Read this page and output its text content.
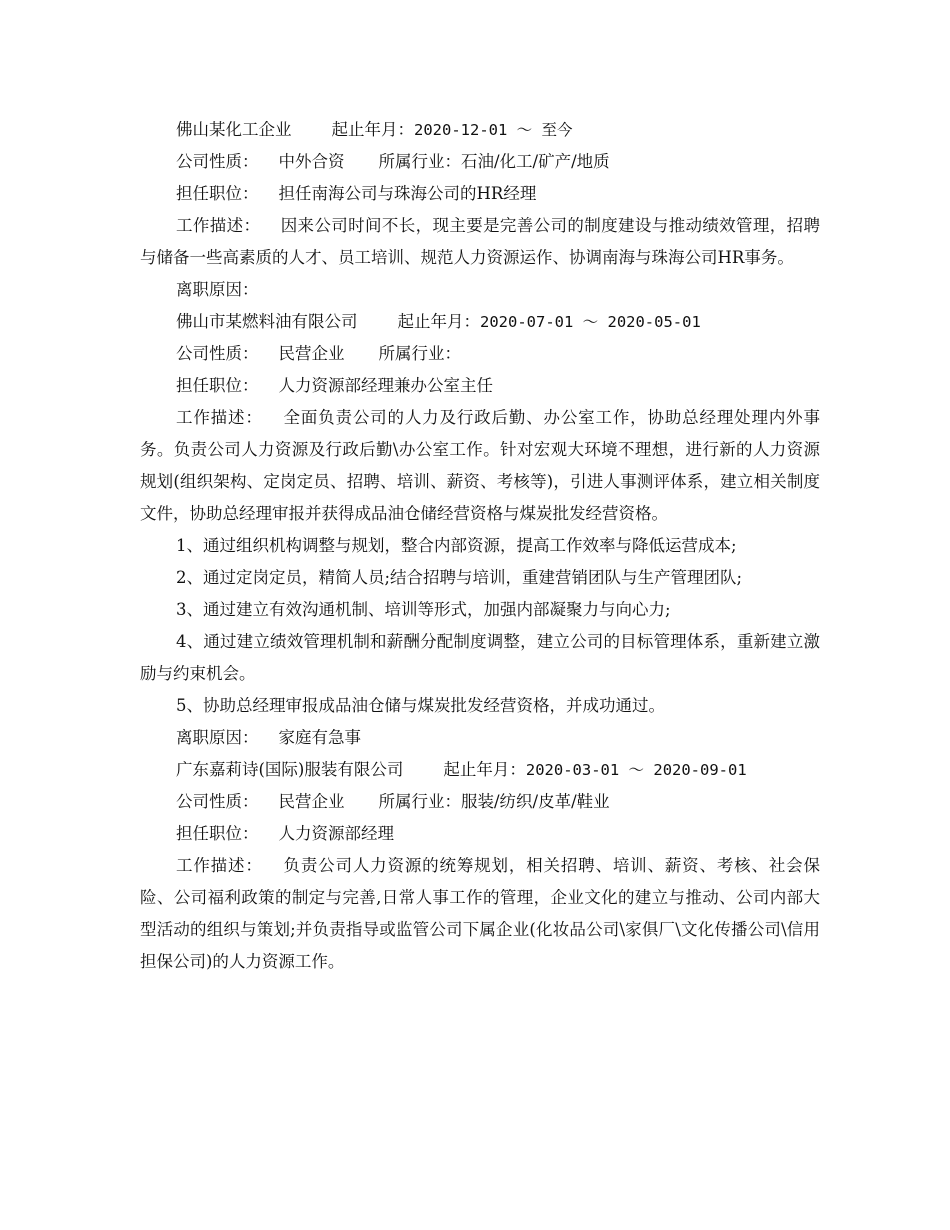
佛山某化工企业 起止年月：2020-12-01 ～ 至今
公司性质： 中外合资 所属行业：石油/化工/矿产/地质
担任职位： 担任南海公司与珠海公司的HR经理
工作描述： 因来公司时间不长，现主要是完善公司的制度建设与推动绩效管理，招聘与储备一些高素质的人才、员工培训、规范人力资源运作、协调南海与珠海公司HR事务。
离职原因：
佛山市某燃料油有限公司 起止年月：2020-07-01 ～ 2020-05-01
公司性质： 民营企业 所属行业：
担任职位： 人力资源部经理兼办公室主任
工作描述： 全面负责公司的人力及行政后勤、办公室工作，协助总经理处理内外事务。负责公司人力资源及行政后勤\办公室工作。针对宏观大环境不理想，进行新的人力资源规划(组织架构、定岗定员、招聘、培训、薪资、考核等)，引进人事测评体系，建立相关制度文件，协助总经理审报并获得成品油仓储经营资格与煤炭批发经营资格。
1、通过组织机构调整与规划，整合内部资源，提高工作效率与降低运营成本;
2、通过定岗定员，精简人员;结合招聘与培训，重建营销团队与生产管理团队;
3、通过建立有效沟通机制、培训等形式，加强内部凝聚力与向心力;
4、通过建立绩效管理机制和薪酬分配制度调整，建立公司的目标管理体系，重新建立激励与约束机会。
5、协助总经理审报成品油仓储与煤炭批发经营资格，并成功通过。
离职原因： 家庭有急事
广东嘉莉诗(国际)服装有限公司 起止年月：2020-03-01 ～ 2020-09-01
公司性质： 民营企业 所属行业：服装/纺织/皮革/鞋业
担任职位： 人力资源部经理
工作描述： 负责公司人力资源的统筹规划，相关招聘、培训、薪资、考核、社会保险、公司福利政策的制定与完善,日常人事工作的管理，企业文化的建立与推动、公司内部大型活动的组织与策划;并负责指导或监管公司下属企业(化妆品公司\家俱厂\文化传播公司\信用担保公司)的人力资源工作。
